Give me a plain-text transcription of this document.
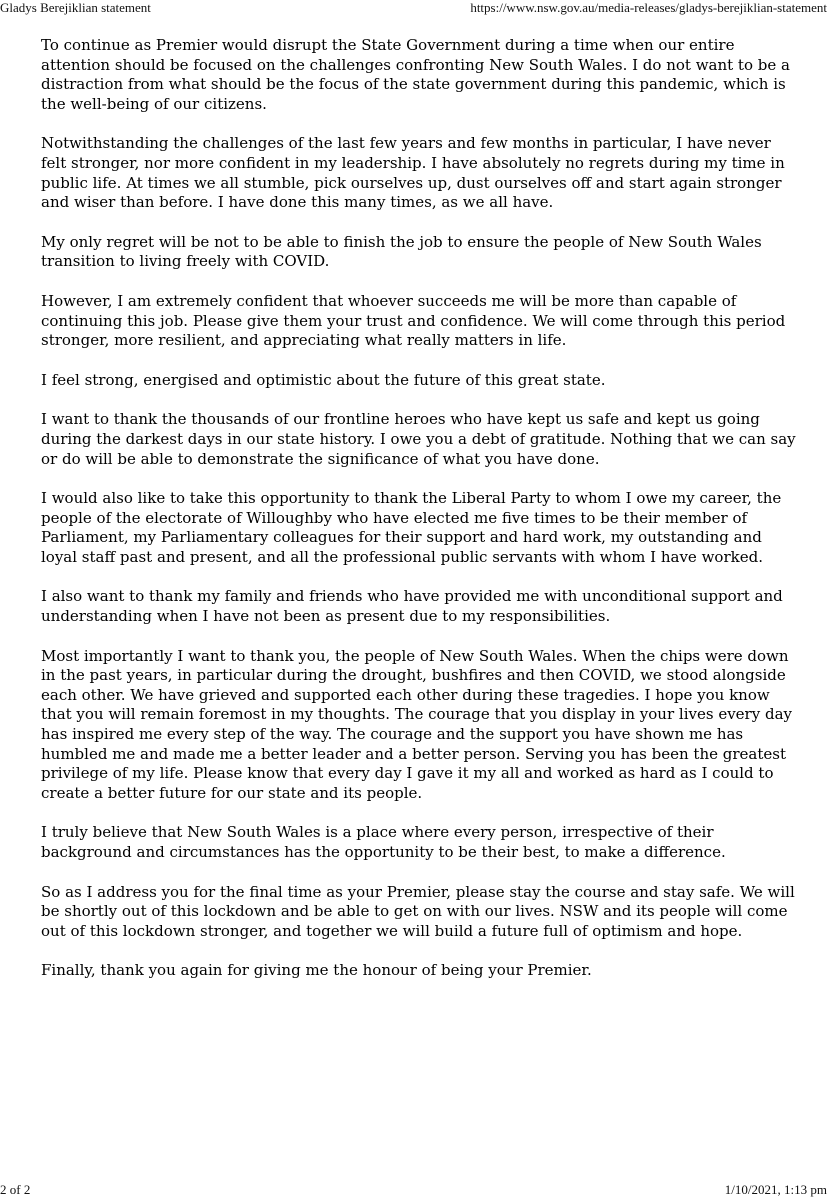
Gladys Berejiklian statement	https://www.nsw.gov.au/media-releases/gladys-berejiklian-statement

To continue as Premier would disrupt the State Government during a time when our entire attention should be focused on the challenges confronting New South Wales. I do not want to be a distraction from what should be the focus of the state government during this pandemic, which is the well-being of our citizens.

Notwithstanding the challenges of the last few years and few months in particular, I have never felt stronger, nor more confident in my leadership. I have absolutely no regrets during my time in public life. At times we all stumble, pick ourselves up, dust ourselves off and start again stronger and wiser than before. I have done this many times, as we all have.

My only regret will be not to be able to finish the job to ensure the people of New South Wales transition to living freely with COVID.

However, I am extremely confident that whoever succeeds me will be more than capable of continuing this job. Please give them your trust and confidence. We will come through this period stronger, more resilient, and appreciating what really matters in life.

I feel strong, energised and optimistic about the future of this great state.

I want to thank the thousands of our frontline heroes who have kept us safe and kept us going during the darkest days in our state history. I owe you a debt of gratitude. Nothing that we can say or do will be able to demonstrate the significance of what you have done.

I would also like to take this opportunity to thank the Liberal Party to whom I owe my career, the people of the electorate of Willoughby who have elected me five times to be their member of Parliament, my Parliamentary colleagues for their support and hard work, my outstanding and loyal staff past and present, and all the professional public servants with whom I have worked.

I also want to thank my family and friends who have provided me with unconditional support and understanding when I have not been as present due to my responsibilities.

Most importantly I want to thank you, the people of New South Wales. When the chips were down in the past years, in particular during the drought, bushfires and then COVID, we stood alongside each other. We have grieved and supported each other during these tragedies. I hope you know that you will remain foremost in my thoughts. The courage that you display in your lives every day has inspired me every step of the way. The courage and the support you have shown me has humbled me and made me a better leader and a better person. Serving you has been the greatest privilege of my life. Please know that every day I gave it my all and worked as hard as I could to create a better future for our state and its people.

I truly believe that New South Wales is a place where every person, irrespective of their background and circumstances has the opportunity to be their best, to make a difference.

So as I address you for the final time as your Premier, please stay the course and stay safe. We will be shortly out of this lockdown and be able to get on with our lives. NSW and its people will come out of this lockdown stronger, and together we will build a future full of optimism and hope.

Finally, thank you again for giving me the honour of being your Premier.

2 of 2	1/10/2021, 1:13 pm
